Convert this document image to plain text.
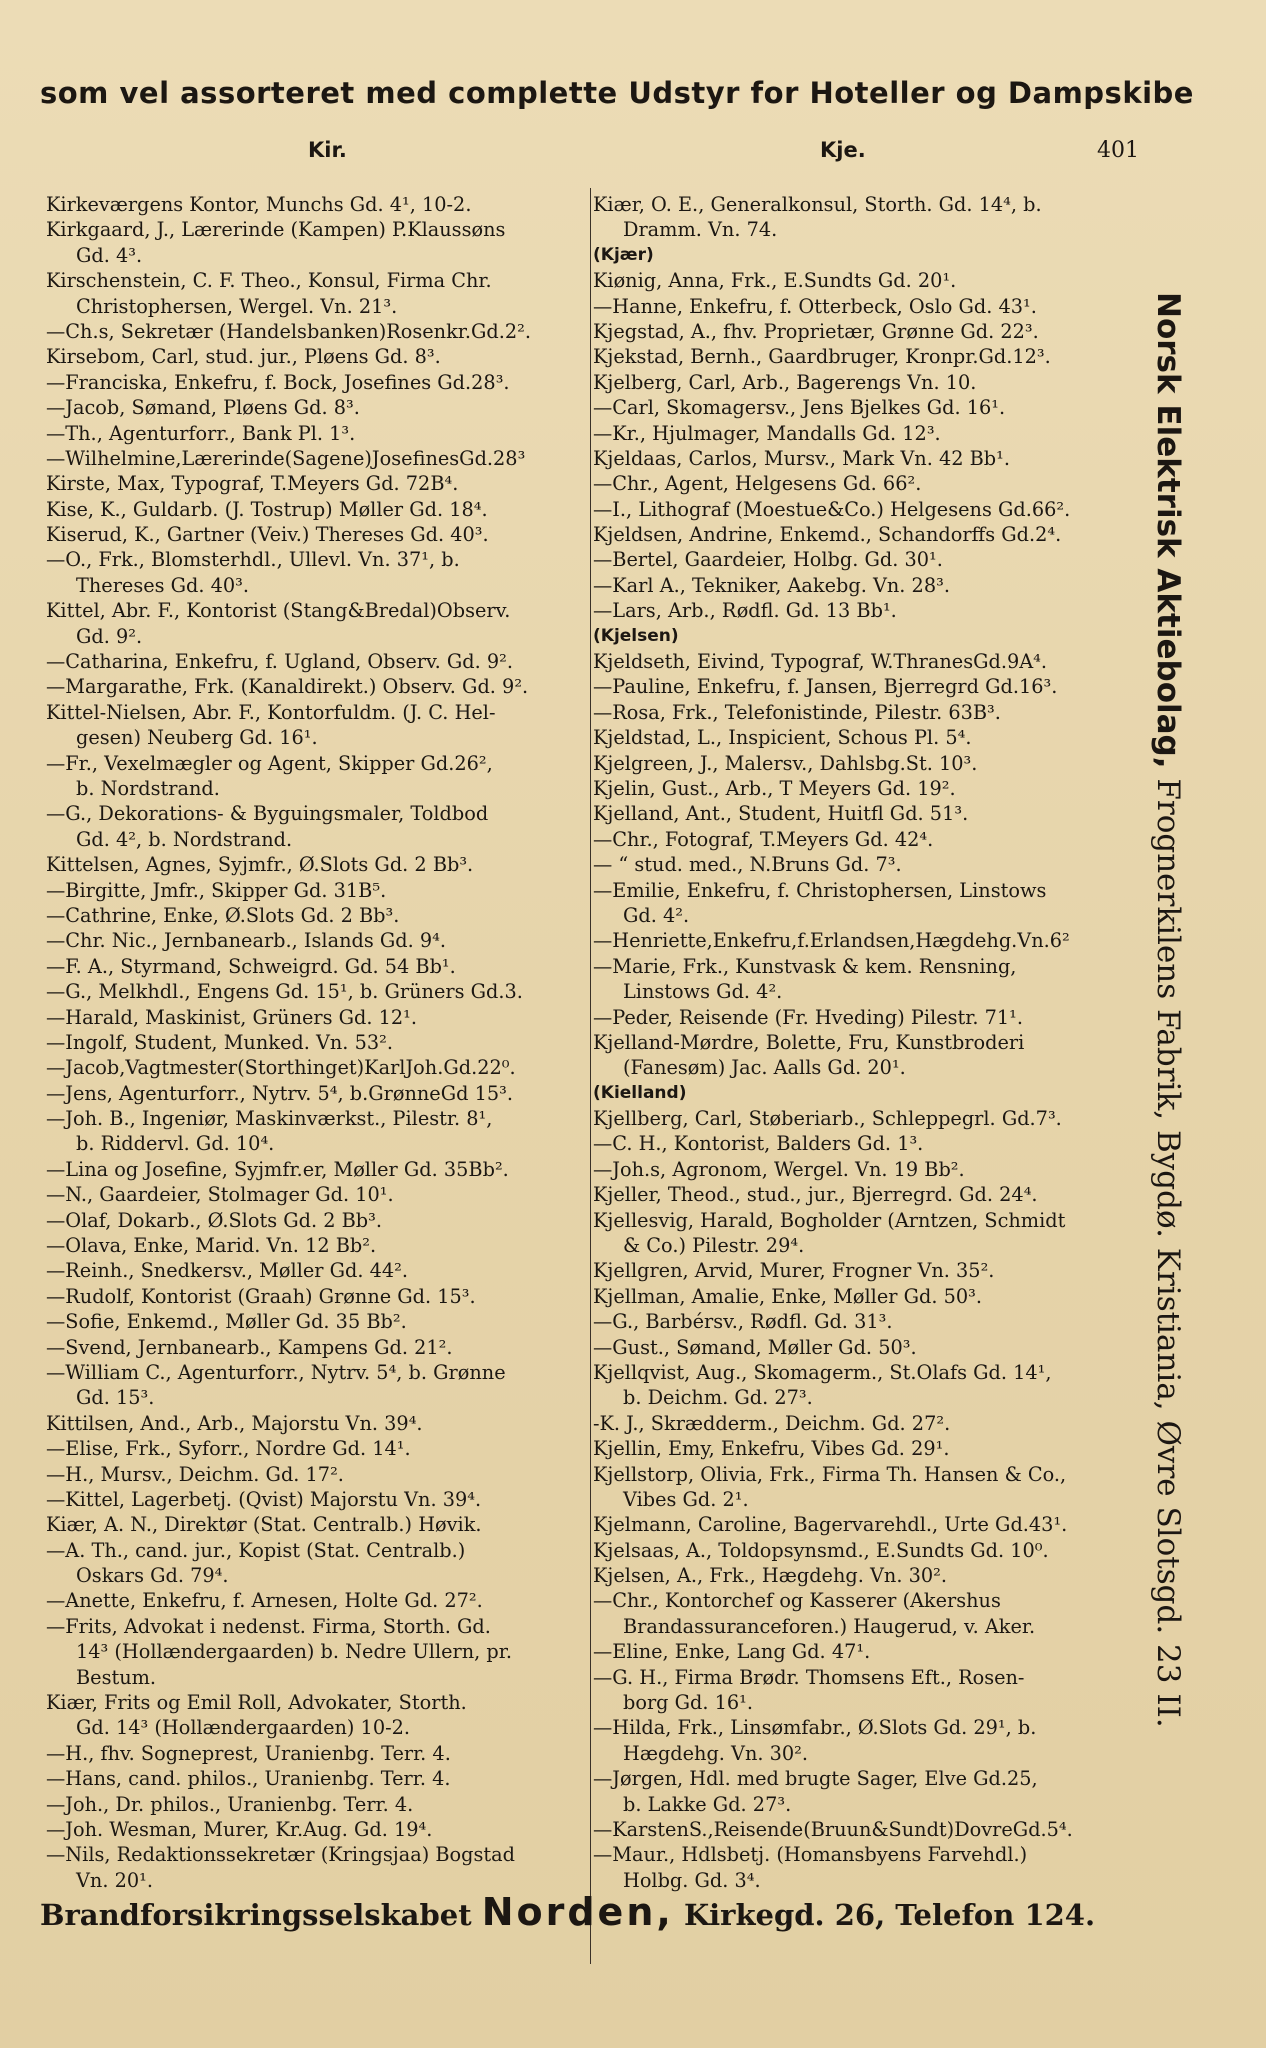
som vel assorteret med complette Udstyr for Hoteller og Dampskibe
Kir.	Kje.	401
Kirkeværgens Kontor, Munchs Gd. 4¹, 10-2.
Kirkgaard, J., Lærerinde (Kampen) P.Klaussøns
Gd. 4³.
Kirschenstein, C. F. Theo., Konsul, Firma Chr.
Christophersen, Wergel. Vn. 21³.
—Ch.s, Sekretær (Handelsbanken)Rosenkr.Gd.2².
Kirsebom, Carl, stud. jur., Pløens Gd. 8³.
—Franciska, Enkefru, f. Bock, Josefines Gd.28³.
—Jacob, Sømand, Pløens Gd. 8³.
—Th., Agenturforr., Bank Pl. 1³.
—Wilhelmine,Lærerinde(Sagene)JosefinesGd.28³
Kirste, Max, Typograf, T.Meyers Gd. 72B⁴.
Kise, K., Guldarb. (J. Tostrup) Møller Gd. 18⁴.
Kiserud, K., Gartner (Veiv.) Thereses Gd. 40³.
—O., Frk., Blomsterhdl., Ullevl. Vn. 37¹, b.
Thereses Gd. 40³.
Kittel, Abr. F., Kontorist (Stang&Bredal)Observ.
Gd. 9².
—Catharina, Enkefru, f. Ugland, Observ. Gd. 9².
—Margarathe, Frk. (Kanaldirekt.) Observ. Gd. 9².
Kittel-Nielsen, Abr. F., Kontorfuldm. (J. C. Hel-
gesen) Neuberg Gd. 16¹.
—Fr., Vexelmægler og Agent, Skipper Gd.26²,
b. Nordstrand.
—G., Dekorations- & Byguingsmaler, Toldbod
Gd. 4², b. Nordstrand.
Kittelsen, Agnes, Syjmfr., Ø.Slots Gd. 2 Bb³.
—Birgitte, Jmfr., Skipper Gd. 31B⁵.
—Cathrine, Enke, Ø.Slots Gd. 2 Bb³.
—Chr. Nic., Jernbanearb., Islands Gd. 9⁴.
—F. A., Styrmand, Schweigrd. Gd. 54 Bb¹.
—G., Melkhdl., Engens Gd. 15¹, b. Grüners Gd.3.
—Harald, Maskinist, Grüners Gd. 12¹.
—Ingolf, Student, Munked. Vn. 53².
—Jacob,Vagtmester(Storthinget)KarlJoh.Gd.22⁰.
—Jens, Agenturforr., Nytrv. 5⁴, b.GrønneGd 15³.
—Joh. B., Ingeniør, Maskinværkst., Pilestr. 8¹,
b. Riddervl. Gd. 10⁴.
—Lina og Josefine, Syjmfr.er, Møller Gd. 35Bb².
—N., Gaardeier, Stolmager Gd. 10¹.
—Olaf, Dokarb., Ø.Slots Gd. 2 Bb³.
—Olava, Enke, Marid. Vn. 12 Bb².
—Reinh., Snedkersv., Møller Gd. 44².
—Rudolf, Kontorist (Graah) Grønne Gd. 15³.
—Sofie, Enkemd., Møller Gd. 35 Bb².
—Svend, Jernbanearb., Kampens Gd. 21².
—William C., Agenturforr., Nytrv. 5⁴, b. Grønne
Gd. 15³.
Kittilsen, And., Arb., Majorstu Vn. 39⁴.
—Elise, Frk., Syforr., Nordre Gd. 14¹.
—H., Mursv., Deichm. Gd. 17².
—Kittel, Lagerbetj. (Qvist) Majorstu Vn. 39⁴.
Kiær, A. N., Direktør (Stat. Centralb.) Høvik.
—A. Th., cand. jur., Kopist (Stat. Centralb.)
Oskars Gd. 79⁴.
—Anette, Enkefru, f. Arnesen, Holte Gd. 27².
—Frits, Advokat i nedenst. Firma, Storth. Gd.
14³ (Hollændergaarden) b. Nedre Ullern, pr.
Bestum.
Kiær, Frits og Emil Roll, Advokater, Storth.
Gd. 14³ (Hollændergaarden) 10-2.
—H., fhv. Sogneprest, Uranienbg. Terr. 4.
—Hans, cand. philos., Uranienbg. Terr. 4.
—Joh., Dr. philos., Uranienbg. Terr. 4.
—Joh. Wesman, Murer, Kr.Aug. Gd. 19⁴.
—Nils, Redaktionssekretær (Kringsjaa) Bogstad
Vn. 20¹.
Kiær, O. E., Generalkonsul, Storth. Gd. 14⁴, b.
Dramm. Vn. 74.
(Kjær)
Kiønig, Anna, Frk., E.Sundts Gd. 20¹.
—Hanne, Enkefru, f. Otterbeck, Oslo Gd. 43¹.
Kjegstad, A., fhv. Proprietær, Grønne Gd. 22³.
Kjekstad, Bernh., Gaardbruger, Kronpr.Gd.12³.
Kjelberg, Carl, Arb., Bagerengs Vn. 10.
—Carl, Skomagersv., Jens Bjelkes Gd. 16¹.
—Kr., Hjulmager, Mandalls Gd. 12³.
Kjeldaas, Carlos, Mursv., Mark Vn. 42 Bb¹.
—Chr., Agent, Helgesens Gd. 66².
—I., Lithograf (Moestue&Co.) Helgesens Gd.66².
Kjeldsen, Andrine, Enkemd., Schandorffs Gd.2⁴.
—Bertel, Gaardeier, Holbg. Gd. 30¹.
—Karl A., Tekniker, Aakebg. Vn. 28³.
—Lars, Arb., Rødfl. Gd. 13 Bb¹.
(Kjelsen)
Kjeldseth, Eivind, Typograf, W.ThranesGd.9A⁴.
—Pauline, Enkefru, f. Jansen, Bjerregrd Gd.16³.
—Rosa, Frk., Telefonistinde, Pilestr. 63B³.
Kjeldstad, L., Inspicient, Schous Pl. 5⁴.
Kjelgreen, J., Malersv., Dahlsbg.St. 10³.
Kjelin, Gust., Arb., T Meyers Gd. 19².
Kjelland, Ant., Student, Huitfl Gd. 51³.
—Chr., Fotograf, T.Meyers Gd. 42⁴.
— “ stud. med., N.Bruns Gd. 7³.
—Emilie, Enkefru, f. Christophersen, Linstows
Gd. 4².
—Henriette,Enkefru,f.Erlandsen,Hægdehg.Vn.6²
—Marie, Frk., Kunstvask & kem. Rensning,
Linstows Gd. 4².
—Peder, Reisende (Fr. Hveding) Pilestr. 71¹.
Kjelland-Mørdre, Bolette, Fru, Kunstbroderi
(Fanesøm) Jac. Aalls Gd. 20¹.
(Kielland)
Kjellberg, Carl, Støberiarb., Schleppegrl. Gd.7³.
—C. H., Kontorist, Balders Gd. 1³.
—Joh.s, Agronom, Wergel. Vn. 19 Bb².
Kjeller, Theod., stud., jur., Bjerregrd. Gd. 24⁴.
Kjellesvig, Harald, Bogholder (Arntzen, Schmidt
& Co.) Pilestr. 29⁴.
Kjellgren, Arvid, Murer, Frogner Vn. 35².
Kjellman, Amalie, Enke, Møller Gd. 50³.
—G., Barbérsv., Rødfl. Gd. 31³.
—Gust., Sømand, Møller Gd. 50³.
Kjellqvist, Aug., Skomagerm., St.Olafs Gd. 14¹,
b. Deichm. Gd. 27³.
-K. J., Skrædderm., Deichm. Gd. 27².
Kjellin, Emy, Enkefru, Vibes Gd. 29¹.
Kjellstorp, Olivia, Frk., Firma Th. Hansen & Co.,
Vibes Gd. 2¹.
Kjelmann, Caroline, Bagervarehdl., Urte Gd.43¹.
Kjelsaas, A., Toldopsynsmd., E.Sundts Gd. 10⁰.
Kjelsen, A., Frk., Hægdehg. Vn. 30².
—Chr., Kontorchef og Kasserer (Akershus
Brandassuranceforen.) Haugerud, v. Aker.
—Eline, Enke, Lang Gd. 47¹.
—G. H., Firma Brødr. Thomsens Eft., Rosen-
borg Gd. 16¹.
—Hilda, Frk., Linsømfabr., Ø.Slots Gd. 29¹, b.
Hægdehg. Vn. 30².
—Jørgen, Hdl. med brugte Sager, Elve Gd.25,
b. Lakke Gd. 27³.
—KarstenS.,Reisende(Bruun&Sundt)DovreGd.5⁴.
—Maur., Hdlsbetj. (Homansbyens Farvehdl.)
Holbg. Gd. 3⁴.
Norsk Elektrisk Aktiebolag, Frognerkilens Fabrik, Bygdø. Kristiania, Øvre Slotsgd. 23 II.
Brandforsikringsselskabet Norden, Kirkegd. 26, Telefon 124.
